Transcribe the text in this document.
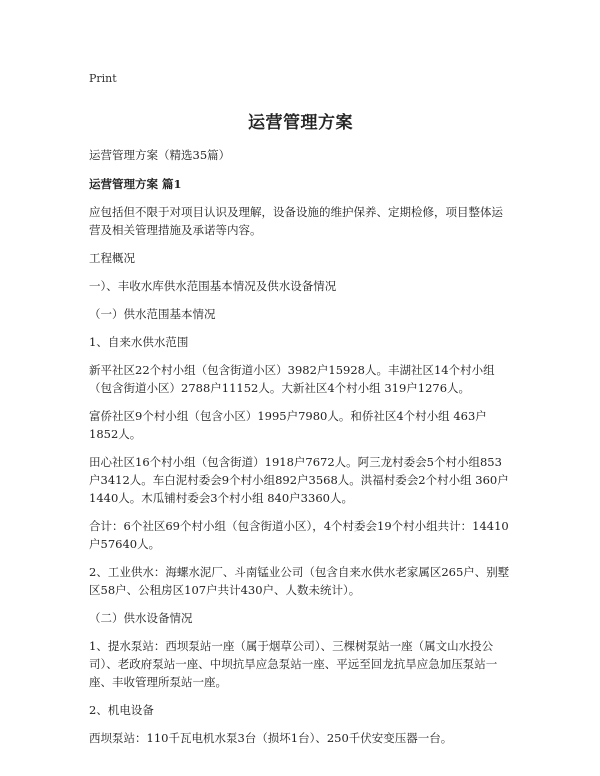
Print

运营管理方案

运营管理方案（精选35篇）

运营管理方案 篇1

应包括但不限于对项目认识及理解，设备设施的维护保养、定期检修，项目整体运营及相关管理措施及承诺等内容。

工程概况

一）、丰收水库供水范围基本情况及供水设备情况

（一）供水范围基本情况

1、自来水供水范围

新平社区22个村小组（包含街道小区）3982户15928人。丰湖社区14个村小组（包含街道小区）2788户11152人。大新社区4个村小组 319户1276人。

富侨社区9个村小组（包含小区）1995户7980人。和侨社区4个村小组 463户1852人。

田心社区16个村小组（包含街道）1918户7672人。阿三龙村委会5个村小组853户3412人。车白泥村委会9个村小组892户3568人。洪福村委会2个村小组 360户1440人。木瓜铺村委会3个村小组 840户3360人。

合计：6个社区69个村小组（包含街道小区），4个村委会19个村小组共计：14410户57640人。

2、工业供水：海螺水泥厂、斗南锰业公司（包含自来水供水老家属区265户、别墅区58户、公租房区107户共计430户、人数未统计）。

（二）供水设备情况

1、提水泵站：西坝泵站一座（属于烟草公司）、三棵树泵站一座（属文山水投公司）、老政府泵站一座、中坝抗旱应急泵站一座、平远至回龙抗旱应急加压泵站一座、丰收管理所泵站一座。

2、机电设备

西坝泵站：110千瓦电机水泵3台（损坏1台）、250千伏安变压器一台。
